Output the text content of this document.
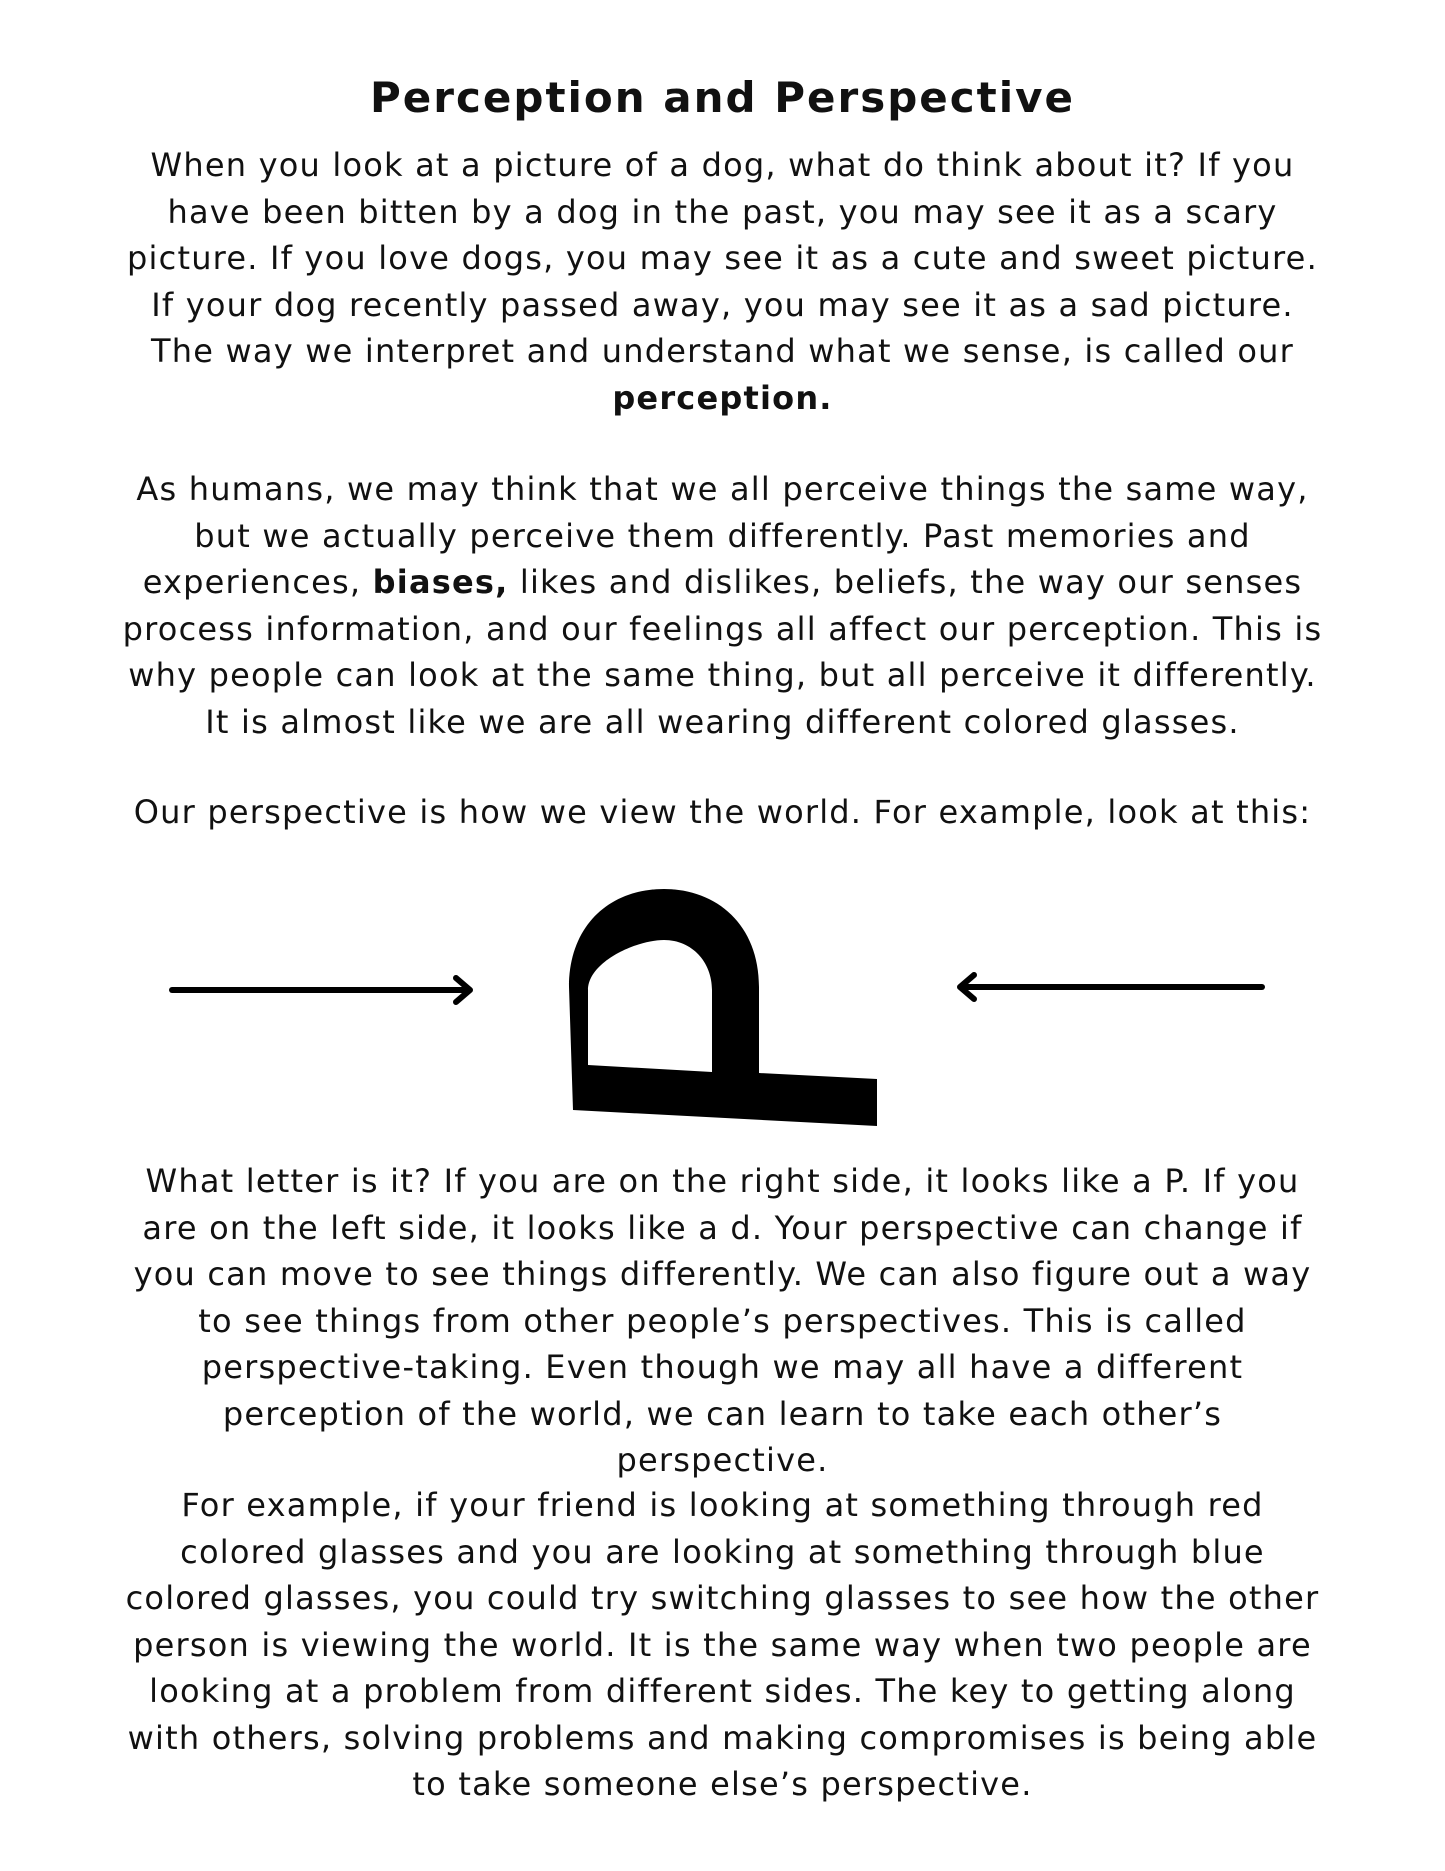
Perception and Perspective
When you look at a picture of a dog, what do think about it? If you
have been bitten by a dog in the past, you may see it as a scary
picture. If you love dogs, you may see it as a cute and sweet picture.
If your dog recently passed away, you may see it as a sad picture.
The way we interpret and understand what we sense, is called our
perception.
As humans, we may think that we all perceive things the same way,
but we actually perceive them differently. Past memories and
experiences, biases, likes and dislikes, beliefs, the way our senses
process information, and our feelings all affect our perception. This is
why people can look at the same thing, but all perceive it differently.
It is almost like we are all wearing different colored glasses.
Our perspective is how we view the world. For example, look at this:
What letter is it? If you are on the right side, it looks like a P. If you
are on the left side, it looks like a d. Your perspective can change if
you can move to see things differently. We can also figure out a way
to see things from other people’s perspectives. This is called
perspective-taking. Even though we may all have a different
perception of the world, we can learn to take each other’s
perspective.
For example, if your friend is looking at something through red
colored glasses and you are looking at something through blue
colored glasses, you could try switching glasses to see how the other
person is viewing the world. It is the same way when two people are
looking at a problem from different sides. The key to getting along
with others, solving problems and making compromises is being able
to take someone else’s perspective.
